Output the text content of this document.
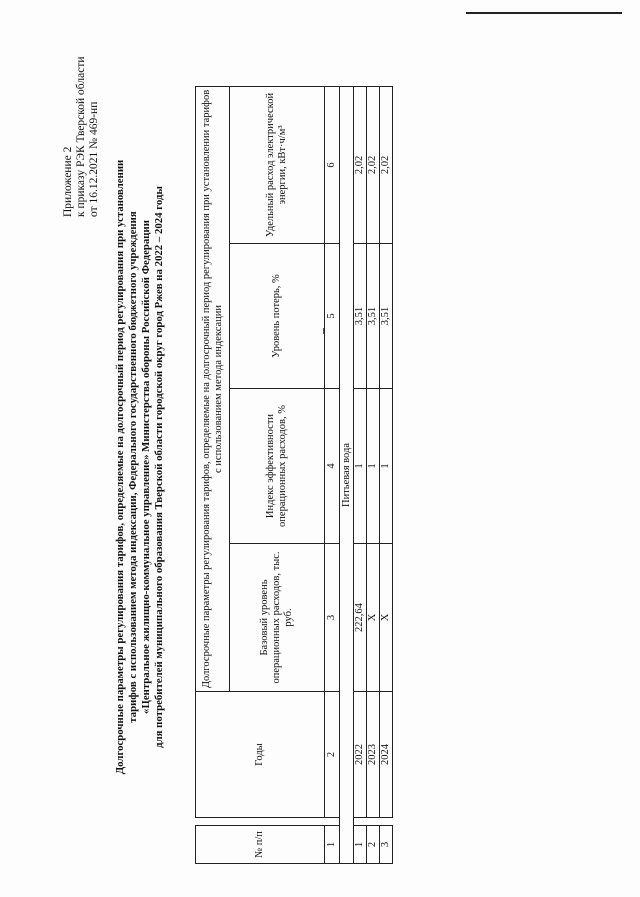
Приложение 2 к приказу РЭК Тверской области от 16.12.2021 № 469-нп
Долгосрочные параметры регулирования тарифов, определяемые на долгосрочный период регулирования при установлении тарифов с использованием метода индексации, Федерального государственного бюджетного учреждения «Центральное жилищно-коммунальное управление» Министерства обороны Российской Федерации для потребителей муниципального образования Тверской области городской округ город Ржев на 2022 – 2024 годы
№ п/п		Годы	Долгосрочные параметры регулирования тарифов, определяемые на долгосрочный период регулирования при установлении тарифов с использованием метода индексации			
			Базовый уровень операционных расходов, тыс. руб.	Индекс эффективности операционных расходов, %	Уровень потерь, %	Удельный расход электрической энергии, кВт·ч/м³
1		2	3	4	5	6
Питьевая вода						
1		2022	222,64	1	3,51	2,02
2		2023	Х	1	3,51	2,02
3		2024	Х	1	3,51	2,02
